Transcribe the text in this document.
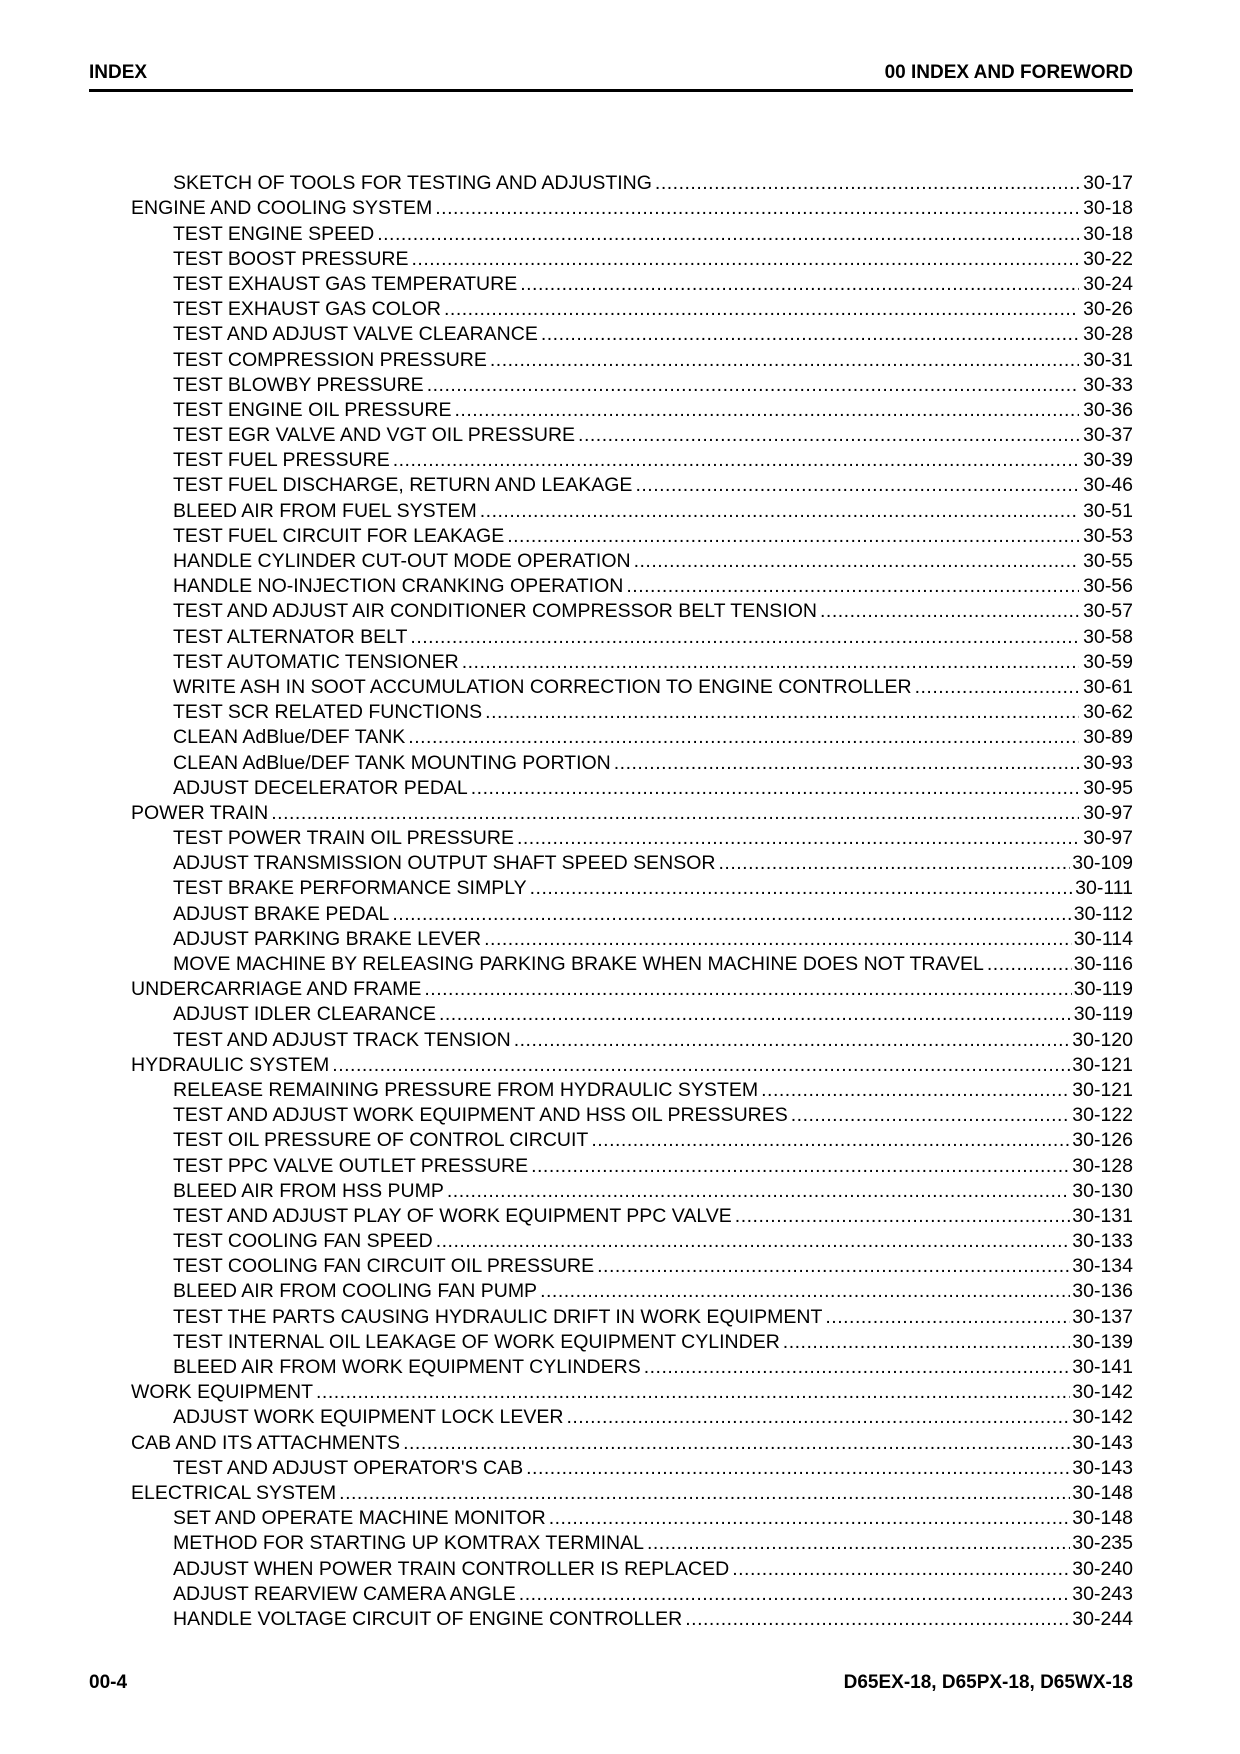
INDEX	00 INDEX AND FOREWORD
SKETCH OF TOOLS FOR TESTING AND ADJUSTING .....	30-17
ENGINE AND COOLING SYSTEM .....	30-18
TEST ENGINE SPEED .....	30-18
TEST BOOST PRESSURE .....	30-22
TEST EXHAUST GAS TEMPERATURE .....	30-24
TEST EXHAUST GAS COLOR .....	30-26
TEST AND ADJUST VALVE CLEARANCE .....	30-28
TEST COMPRESSION PRESSURE .....	30-31
TEST BLOWBY PRESSURE .....	30-33
TEST ENGINE OIL PRESSURE .....	30-36
TEST EGR VALVE AND VGT OIL PRESSURE .....	30-37
TEST FUEL PRESSURE .....	30-39
TEST FUEL DISCHARGE, RETURN AND LEAKAGE .....	30-46
BLEED AIR FROM FUEL SYSTEM .....	30-51
TEST FUEL CIRCUIT FOR LEAKAGE .....	30-53
HANDLE CYLINDER CUT-OUT MODE OPERATION .....	30-55
HANDLE NO-INJECTION CRANKING OPERATION .....	30-56
TEST AND ADJUST AIR CONDITIONER COMPRESSOR BELT TENSION .....	30-57
TEST ALTERNATOR BELT .....	30-58
TEST AUTOMATIC TENSIONER .....	30-59
WRITE ASH IN SOOT ACCUMULATION CORRECTION TO ENGINE CONTROLLER .....	30-61
TEST SCR RELATED FUNCTIONS .....	30-62
CLEAN AdBlue/DEF TANK .....	30-89
CLEAN AdBlue/DEF TANK MOUNTING PORTION .....	30-93
ADJUST DECELERATOR PEDAL .....	30-95
POWER TRAIN .....	30-97
TEST POWER TRAIN OIL PRESSURE .....	30-97
ADJUST TRANSMISSION OUTPUT SHAFT SPEED SENSOR .....	30-109
TEST BRAKE PERFORMANCE SIMPLY .....	30-111
ADJUST BRAKE PEDAL .....	30-112
ADJUST PARKING BRAKE LEVER .....	30-114
MOVE MACHINE BY RELEASING PARKING BRAKE WHEN MACHINE DOES NOT TRAVEL .....	30-116
UNDERCARRIAGE AND FRAME .....	30-119
ADJUST IDLER CLEARANCE .....	30-119
TEST AND ADJUST TRACK TENSION .....	30-120
HYDRAULIC SYSTEM .....	30-121
RELEASE REMAINING PRESSURE FROM HYDRAULIC SYSTEM .....	30-121
TEST AND ADJUST WORK EQUIPMENT AND HSS OIL PRESSURES .....	30-122
TEST OIL PRESSURE OF CONTROL CIRCUIT .....	30-126
TEST PPC VALVE OUTLET PRESSURE .....	30-128
BLEED AIR FROM HSS PUMP .....	30-130
TEST AND ADJUST PLAY OF WORK EQUIPMENT PPC VALVE .....	30-131
TEST COOLING FAN SPEED .....	30-133
TEST COOLING FAN CIRCUIT OIL PRESSURE .....	30-134
BLEED AIR FROM COOLING FAN PUMP .....	30-136
TEST THE PARTS CAUSING HYDRAULIC DRIFT IN WORK EQUIPMENT .....	30-137
TEST INTERNAL OIL LEAKAGE OF WORK EQUIPMENT CYLINDER .....	30-139
BLEED AIR FROM WORK EQUIPMENT CYLINDERS .....	30-141
WORK EQUIPMENT .....	30-142
ADJUST WORK EQUIPMENT LOCK LEVER .....	30-142
CAB AND ITS ATTACHMENTS .....	30-143
TEST AND ADJUST OPERATOR'S CAB .....	30-143
ELECTRICAL SYSTEM .....	30-148
SET AND OPERATE MACHINE MONITOR .....	30-148
METHOD FOR STARTING UP KOMTRAX TERMINAL .....	30-235
ADJUST WHEN POWER TRAIN CONTROLLER IS REPLACED .....	30-240
ADJUST REARVIEW CAMERA ANGLE .....	30-243
HANDLE VOLTAGE CIRCUIT OF ENGINE CONTROLLER .....	30-244
00-4	D65EX-18, D65PX-18, D65WX-18
